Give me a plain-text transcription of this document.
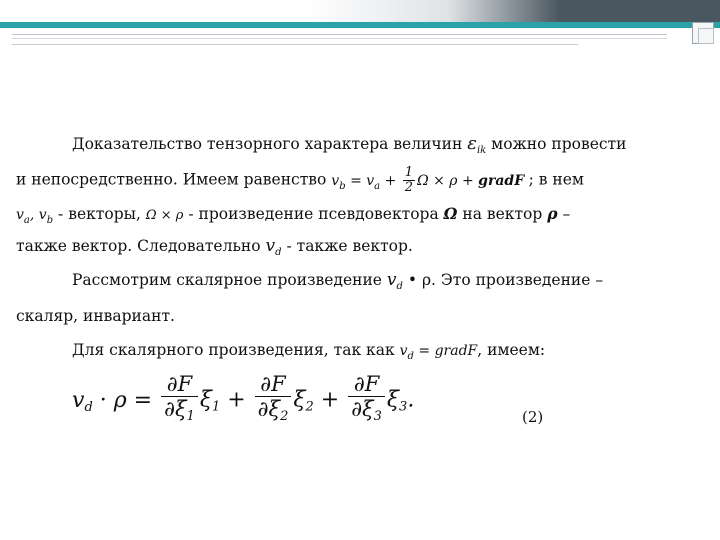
Доказательство тензорного характера величин $\varepsilon_{ik}$ можно провести
и непосредственно. Имеем равенство $v_b = v_a + \frac{1}{2}$ Ω × ρ + gradF ; в нем
$v_a$, $v_b$ - векторы, Ω × ρ - произведение псевдовектора Ω на вектор ρ –
также вектор. Следовательно $v_d$ - также вектор.
Рассмотрим скалярное произведение $v_d$ • ρ. Это произведение –
скаляр, инвариант.
Для скалярного произведения, так как $v_d$ = gradF, имеем:
$v_d \cdot \rho = \frac{\partial F}{\partial\xi_1} \xi_1 + \frac{\partial F}{\partial\xi_2} \xi_2 + \frac{\partial F}{\partial\xi_3} \xi_3$.
(2)
